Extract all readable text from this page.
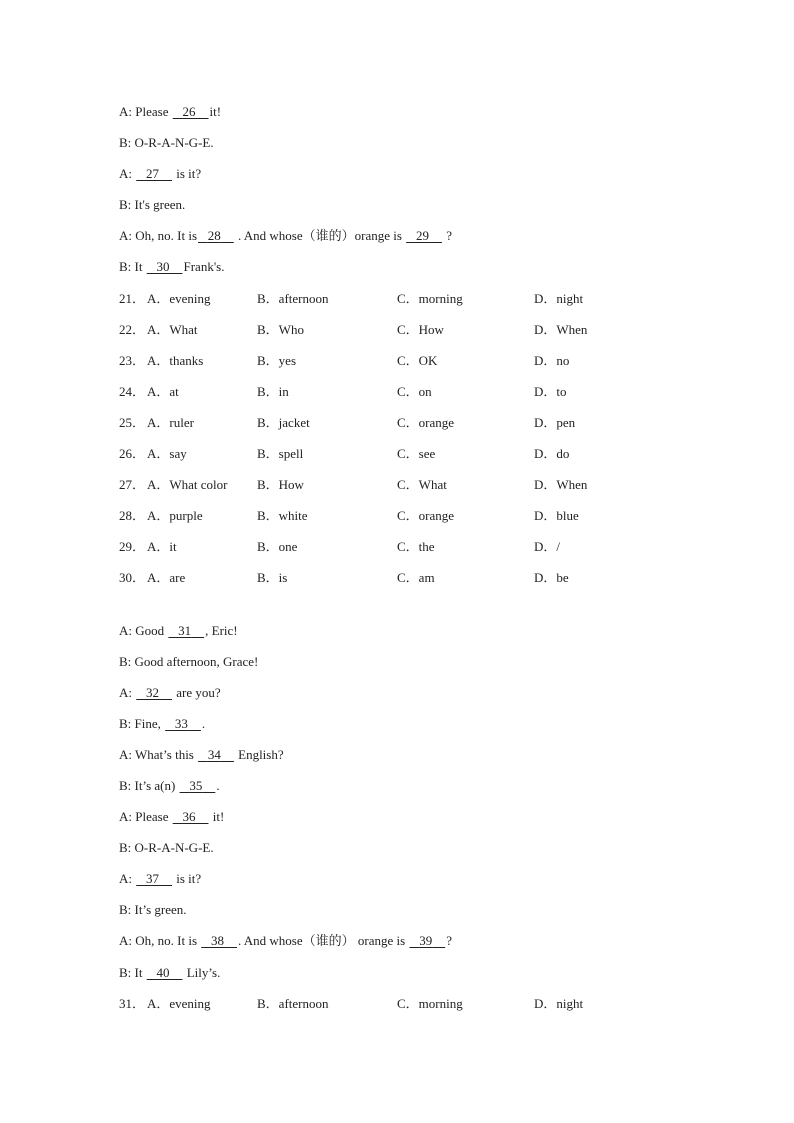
A: Please    26 it!
B: O-R-A-N-G-E.
A:    27     is it?
B: It's green.
A: Oh, no. It is 28     . And whose（谁的）orange is    29     ?
B: It    30 Frank's.
21． A．evening	B．afternoon	C．morning	D．night
22． A．What	B．Who	C．How	D．When
23． A．thanks	B．yes	C．OK	D．no
24． A．at	B．in	C．on	D．to
25． A．ruler	B．jacket	C．orange	D．pen
26． A．say	B．spell	C．see	D．do
27． A．What color	B．How	C．What	D．When
28． A．purple	B．white	C．orange	D．blue
29． A．it	B．one	C．the	D．/
30． A．are	B．is	C．am	D．be
A: Good    31 , Eric!
B: Good afternoon, Grace!
A:    32     are you?
B: Fine,    33 .
A: What’s this    34     English?
B: It’s a(n)    35 .
A: Please    36     it!
B: O-R-A-N-G-E.
A:    37     is it?
B: It’s green.
A: Oh, no. It is    38 . And whose（谁的） orange is    39 ?
B: It    40     Lily’s.
31． A．evening	B．afternoon	C．morning	D．night
